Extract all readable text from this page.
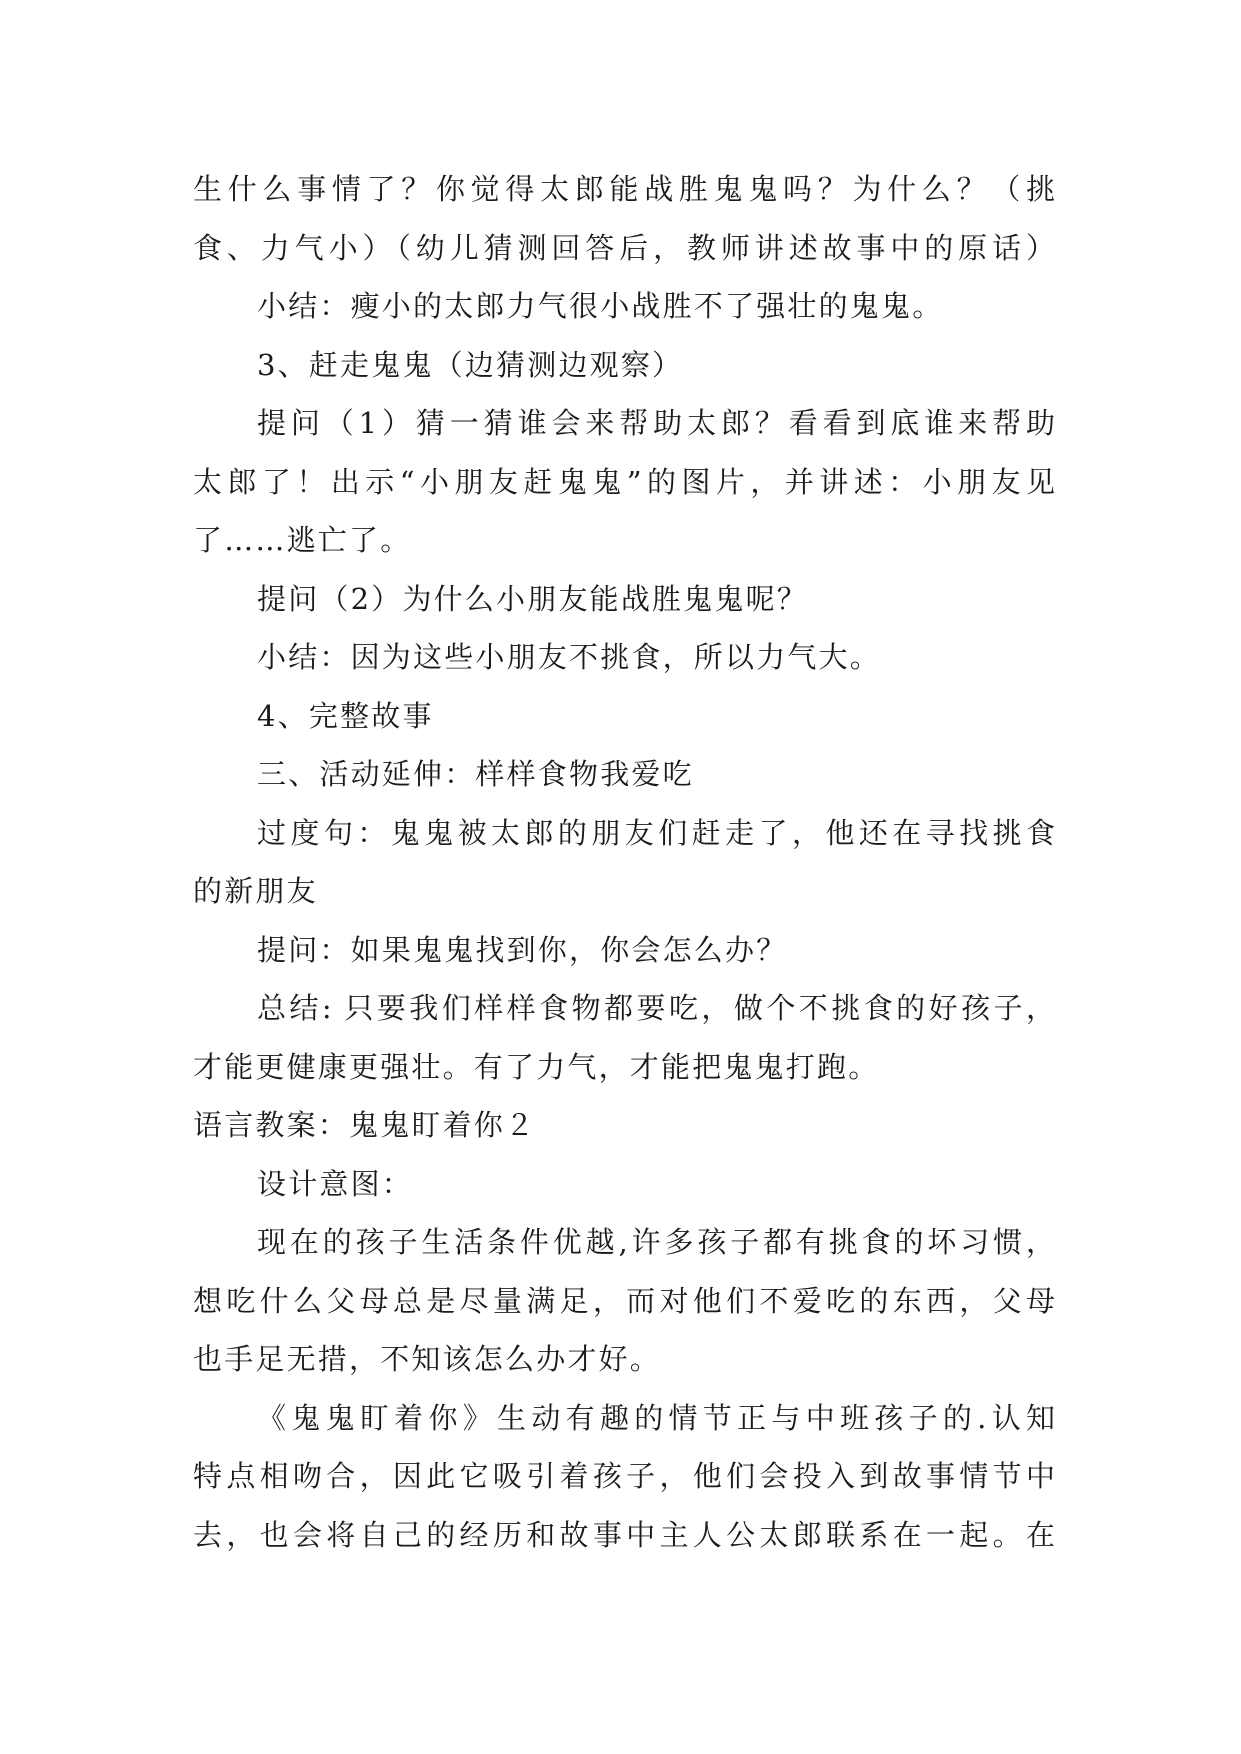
生什么事情了？你觉得太郎能战胜鬼鬼吗？为什么？（挑
食、力气小）（幼儿猜测回答后，教师讲述故事中的原话）
小结：瘦小的太郎力气很小战胜不了强壮的鬼鬼。
3、赶走鬼鬼（边猜测边观察）
提问（1）猜一猜谁会来帮助太郎？看看到底谁来帮助
太郎了！出示“小朋友赶鬼鬼”的图片，并讲述：小朋友见
了……逃亡了。
提问（2）为什么小朋友能战胜鬼鬼呢？
小结：因为这些小朋友不挑食，所以力气大。
4、完整故事
三、活动延伸：样样食物我爱吃
过度句：鬼鬼被太郎的朋友们赶走了，他还在寻找挑食
的新朋友
提问：如果鬼鬼找到你，你会怎么办？
总结: 只要我们样样食物都要吃，做个不挑食的好孩子，
才能更健康更强壮。有了力气，才能把鬼鬼打跑。
语言教案：鬼鬼盯着你２
设计意图：
现在的孩子生活条件优越,许多孩子都有挑食的坏习惯，
想吃什么父母总是尽量满足，而对他们不爱吃的东西，父母
也手足无措，不知该怎么办才好。
《鬼鬼盯着你》生动有趣的情节正与中班孩子的.认知
特点相吻合，因此它吸引着孩子，他们会投入到故事情节中
去，也会将自己的经历和故事中主人公太郎联系在一起。在
